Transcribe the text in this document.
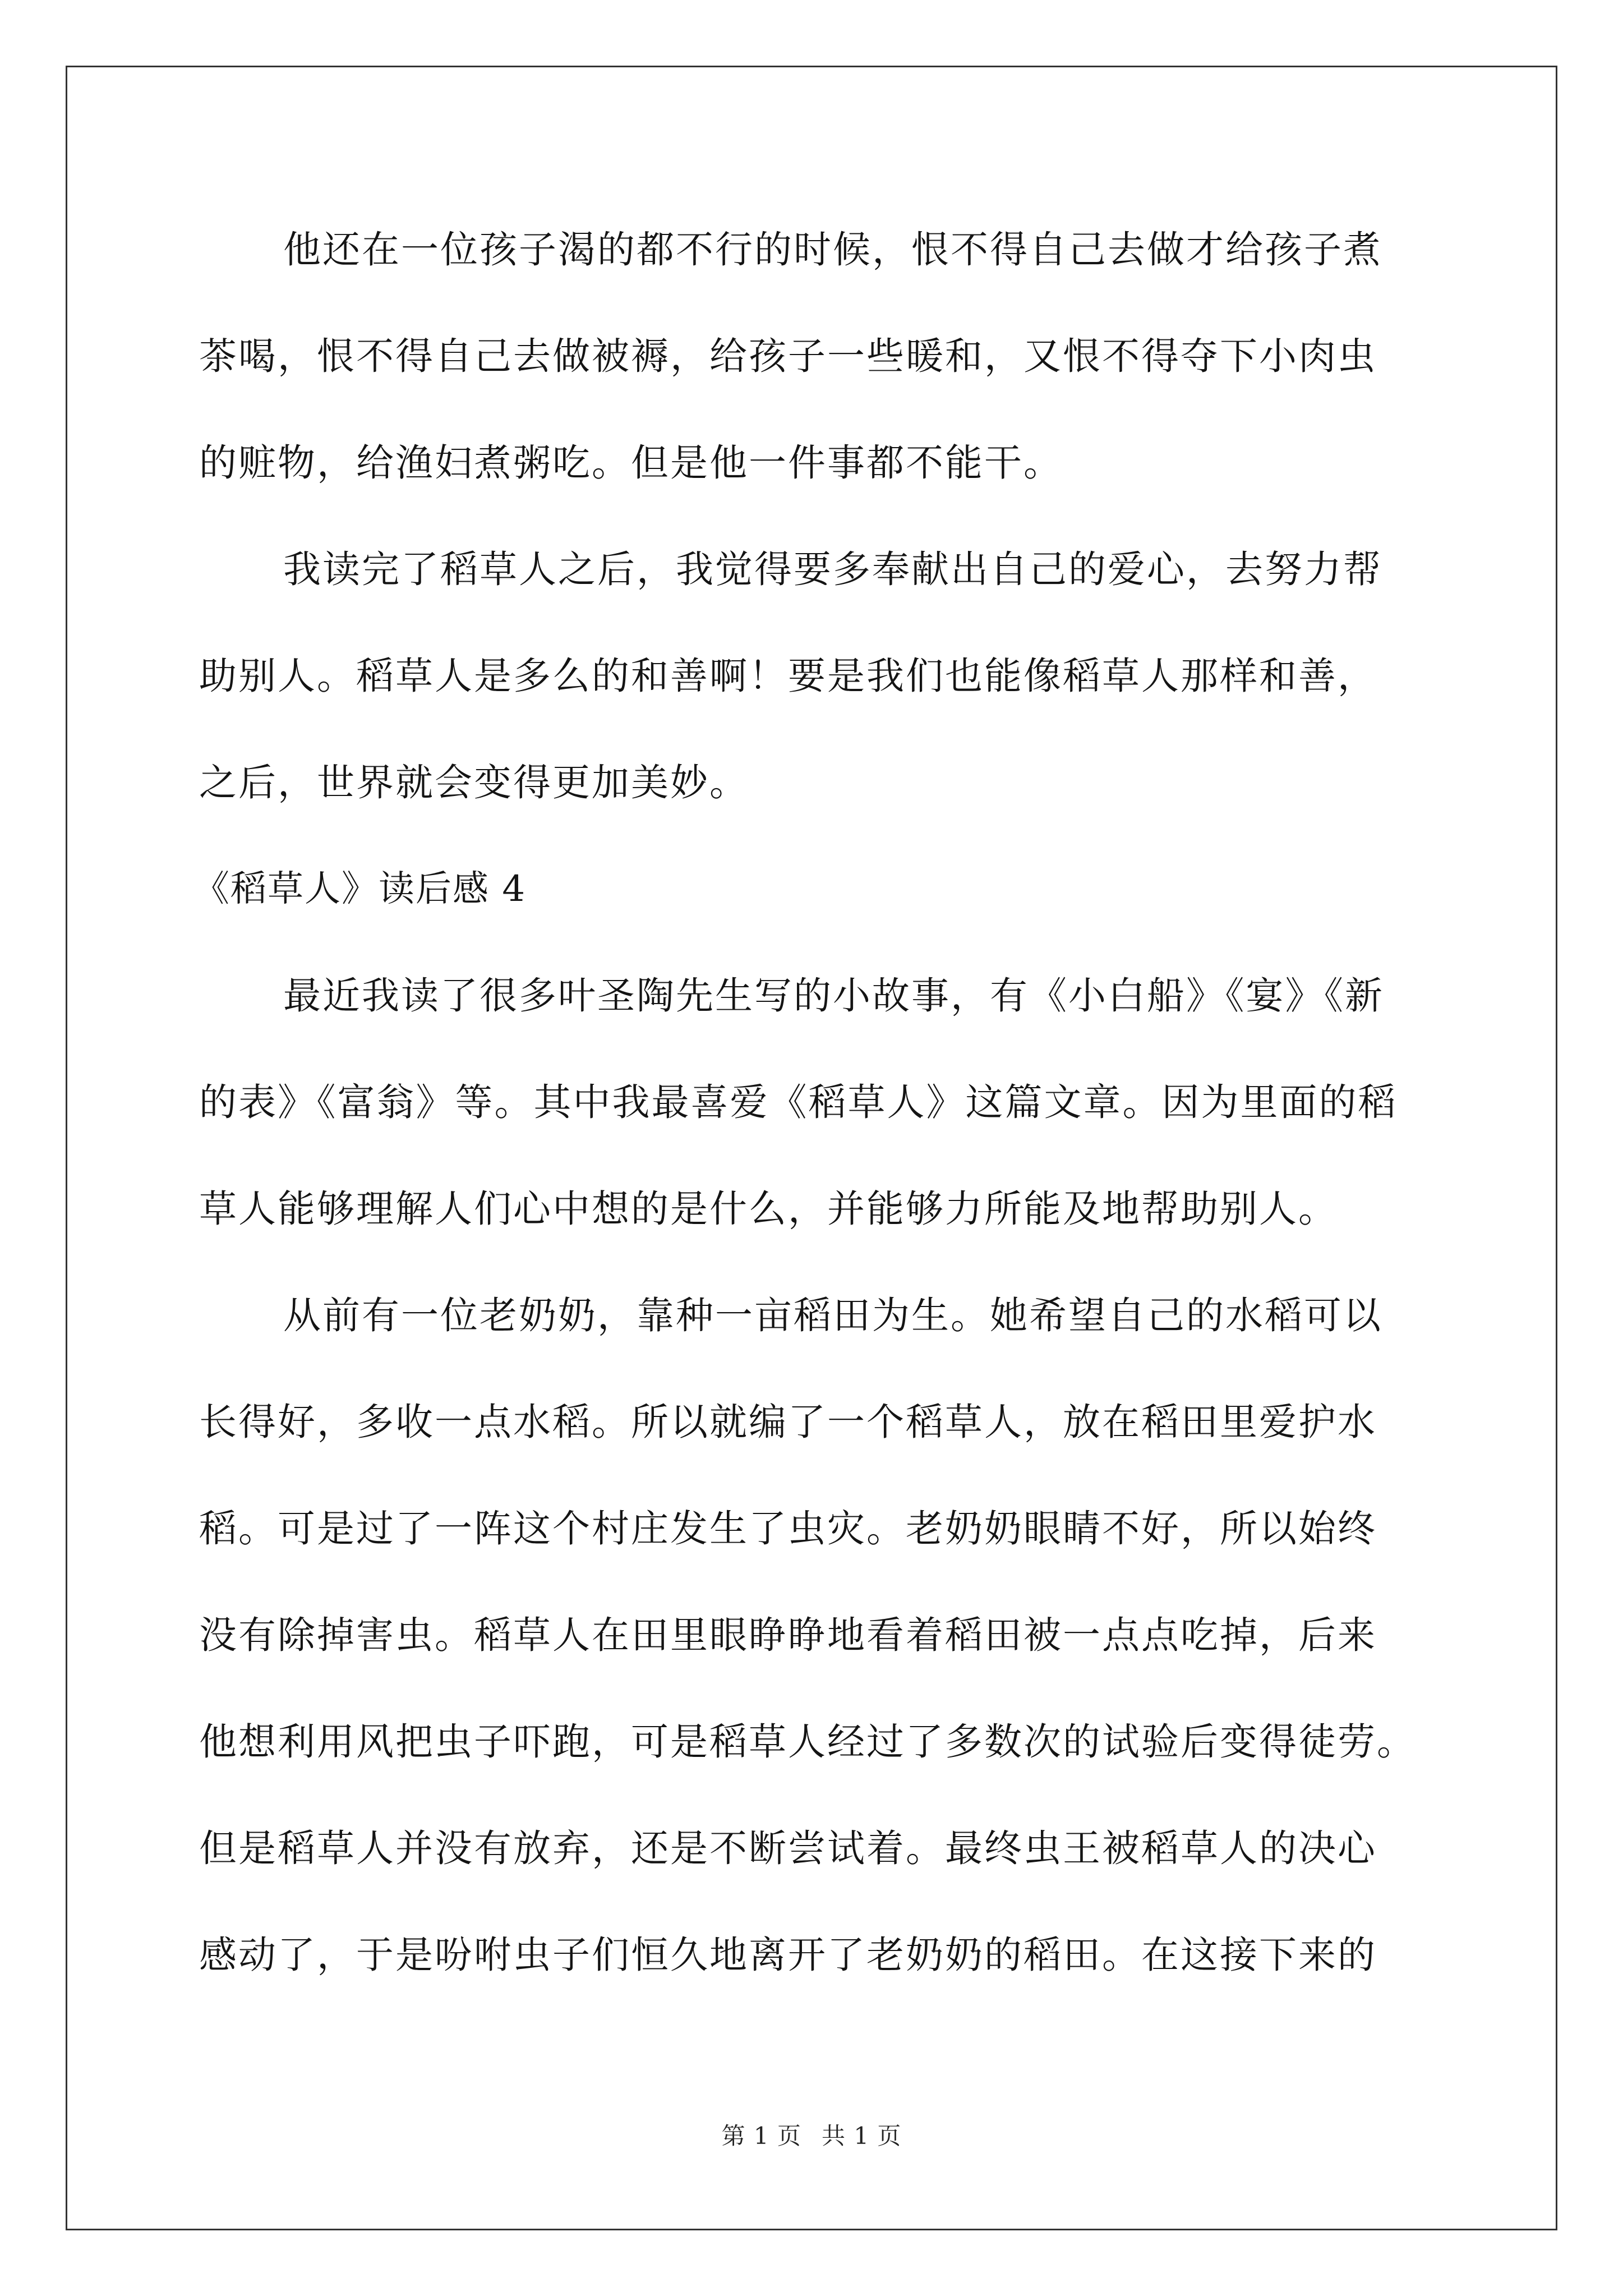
他还在一位孩子渴的都不行的时候，恨不得自己去做才给孩子煮
茶喝，恨不得自己去做被褥，给孩子一些暖和，又恨不得夺下小肉虫
的赃物，给渔妇煮粥吃。但是他一件事都不能干。

我读完了稻草人之后，我觉得要多奉献出自己的爱心，去努力帮
助别人。稻草人是多么的和善啊！要是我们也能像稻草人那样和善，
之后，世界就会变得更加美妙。

《稻草人》读后感 4

最近我读了很多叶圣陶先生写的小故事，有《小白船》《宴》《新
的表》《富翁》等。其中我最喜爱《稻草人》这篇文章。因为里面的稻
草人能够理解人们心中想的是什么，并能够力所能及地帮助别人。

从前有一位老奶奶，靠种一亩稻田为生。她希望自己的水稻可以
长得好，多收一点水稻。所以就编了一个稻草人，放在稻田里爱护水
稻。可是过了一阵这个村庄发生了虫灾。老奶奶眼睛不好，所以始终
没有除掉害虫。稻草人在田里眼睁睁地看着稻田被一点点吃掉，后来
他想利用风把虫子吓跑，可是稻草人经过了多数次的试验后变得徒劳。
但是稻草人并没有放弃，还是不断尝试着。最终虫王被稻草人的决心
感动了，于是吩咐虫子们恒久地离开了老奶奶的稻田。在这接下来的

第 1 页 共 1 页
